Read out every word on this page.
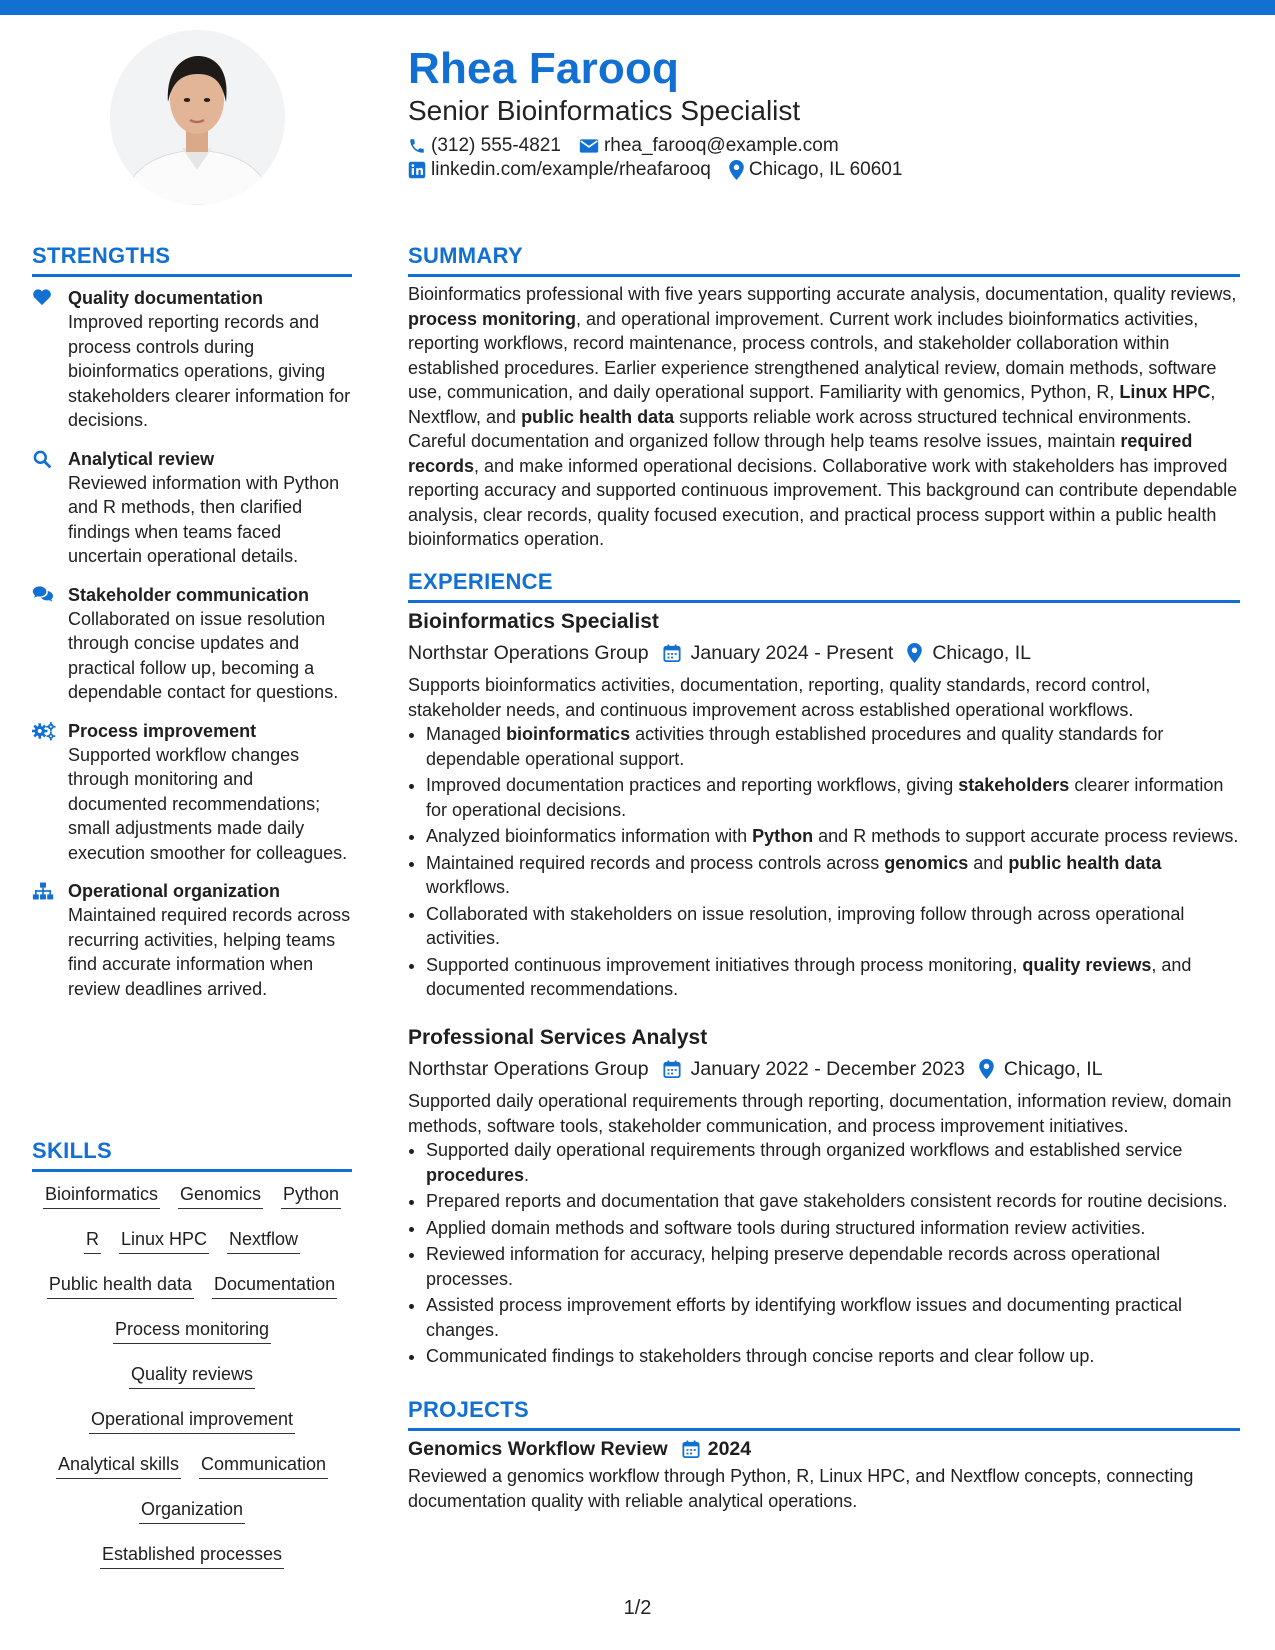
Rhea Farooq
Senior Bioinformatics Specialist
(312) 555-4821 rhea_farooq@example.com
linkedin.com/example/rheafarooq Chicago, IL 60601
STRENGTHS
Quality documentation
Improved reporting records and process controls during bioinformatics operations, giving stakeholders clearer information for decisions.
Analytical review
Reviewed information with Python and R methods, then clarified findings when teams faced uncertain operational details.
Stakeholder communication
Collaborated on issue resolution through concise updates and practical follow up, becoming a dependable contact for questions.
Process improvement
Supported workflow changes through monitoring and documented recommendations; small adjustments made daily execution smoother for colleagues.
Operational organization
Maintained required records across recurring activities, helping teams find accurate information when review deadlines arrived.
SKILLS
Bioinformatics Genomics Python
R Linux HPC Nextflow
Public health data Documentation
Process monitoring
Quality reviews
Operational improvement
Analytical skills Communication
Organization
Established processes
SUMMARY

Bioinformatics professional with five years supporting accurate analysis, documentation, quality reviews, process monitoring, and operational improvement. Current work includes bioinformatics activities, reporting workflows, record maintenance, process controls, and stakeholder collaboration within established procedures. Earlier experience strengthened analytical review, domain methods, software use, communication, and daily operational support. Familiarity with genomics, Python, R, Linux HPC, Nextflow, and public health data supports reliable work across structured technical environments. Careful documentation and organized follow through help teams resolve issues, maintain required records, and make informed operational decisions. Collaborative work with stakeholders has improved reporting accuracy and supported continuous improvement. This background can contribute dependable analysis, clear records, quality focused execution, and practical process support within a public health bioinformatics operation.

EXPERIENCE
Bioinformatics Specialist
Northstar Operations Group January 2024 - Present Chicago, IL

Supports bioinformatics activities, documentation, reporting, quality standards, record control, stakeholder needs, and continuous improvement across established operational workflows.

• Managed bioinformatics activities through established procedures and quality standards for dependable operational support.
• Improved documentation practices and reporting workflows, giving stakeholders clearer information for operational decisions.
• Analyzed bioinformatics information with Python and R methods to support accurate process reviews.
• Maintained required records and process controls across genomics and public health data workflows.
• Collaborated with stakeholders on issue resolution, improving follow through across operational activities.
• Supported continuous improvement initiatives through process monitoring, quality reviews, and documented recommendations.
Professional Services Analyst
Northstar Operations Group January 2022 - December 2023 Chicago, IL

Supported daily operational requirements through reporting, documentation, information review, domain methods, software tools, stakeholder communication, and process improvement initiatives.

• Supported daily operational requirements through organized workflows and established service procedures.
• Prepared reports and documentation that gave stakeholders consistent records for routine decisions.
• Applied domain methods and software tools during structured information review activities.
• Reviewed information for accuracy, helping preserve dependable records across operational processes.
• Assisted process improvement efforts by identifying workflow issues and documenting practical changes.
• Communicated findings to stakeholders through concise reports and clear follow up.
PROJECTS
Genomics Workflow Review 2024

Reviewed a genomics workflow through Python, R, Linux HPC, and Nextflow concepts, connecting documentation quality with reliable analytical operations.

1/2
